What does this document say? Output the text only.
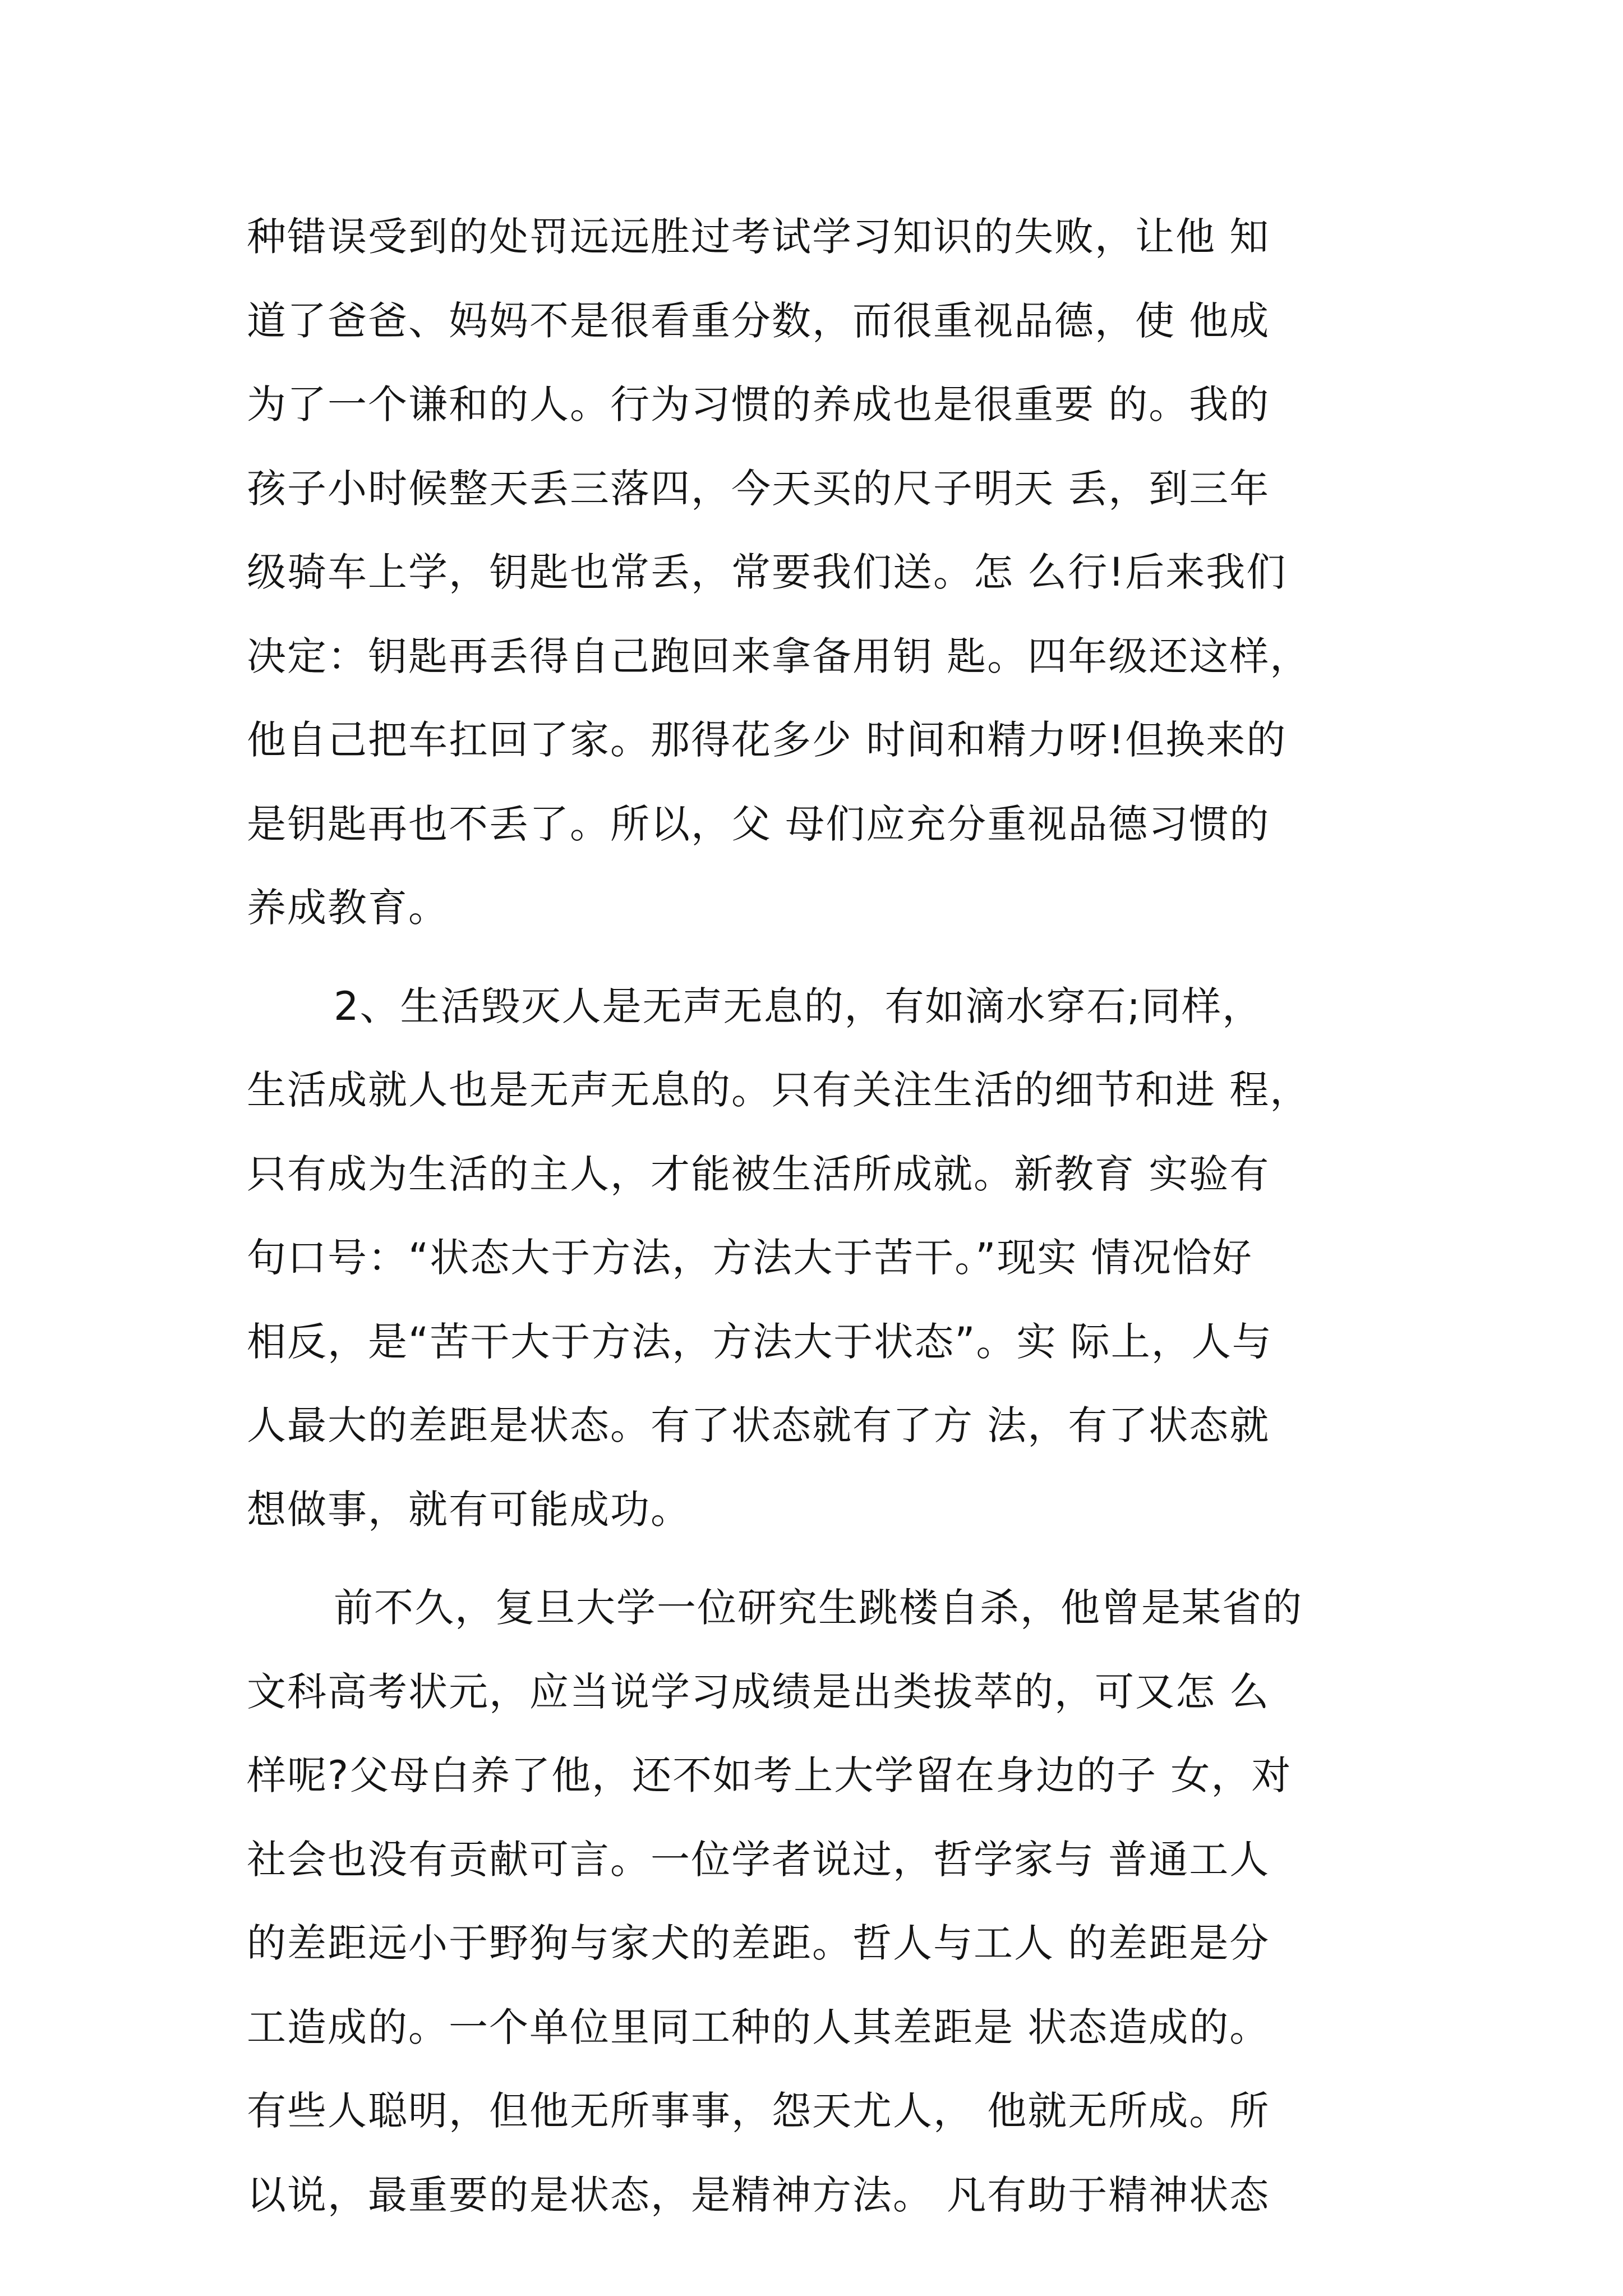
种错误受到的处罚远远胜过考试学习知识的失败，让他 知
道了爸爸、妈妈不是很看重分数，而很重视品德，使 他成
为了一个谦和的人。行为习惯的养成也是很重要 的。我的
孩子小时候整天丢三落四，今天买的尺子明天 丢，到三年
级骑车上学，钥匙也常丢，常要我们送。怎 么行!后来我们
决定：钥匙再丢得自己跑回来拿备用钥 匙。四年级还这样，
他自己把车扛回了家。那得花多少 时间和精力呀!但换来的
是钥匙再也不丢了。所以，父 母们应充分重视品德习惯的
养成教育。
2、生活毁灭人是无声无息的，有如滴水穿石;同样，
生活成就人也是无声无息的。只有关注生活的细节和进 程，
只有成为生活的主人，才能被生活所成就。新教育 实验有
句口号：“状态大于方法，方法大于苦干。”现实 情况恰好
相反，是“苦干大于方法，方法大于状态”。实 际上，人与
人最大的差距是状态。有了状态就有了方 法，有了状态就
想做事，就有可能成功。
前不久，复旦大学一位研究生跳楼自杀，他曾是某省的
文科高考状元，应当说学习成绩是出类拔萃的，可又怎 么
样呢?父母白养了他，还不如考上大学留在身边的子 女，对
社会也没有贡献可言。一位学者说过，哲学家与 普通工人
的差距远小于野狗与家犬的差距。哲人与工人 的差距是分
工造成的。一个单位里同工种的人其差距是 状态造成的。
有些人聪明，但他无所事事，怨天尤人， 他就无所成。所
以说，最重要的是状态，是精神方法。 凡有助于精神状态
